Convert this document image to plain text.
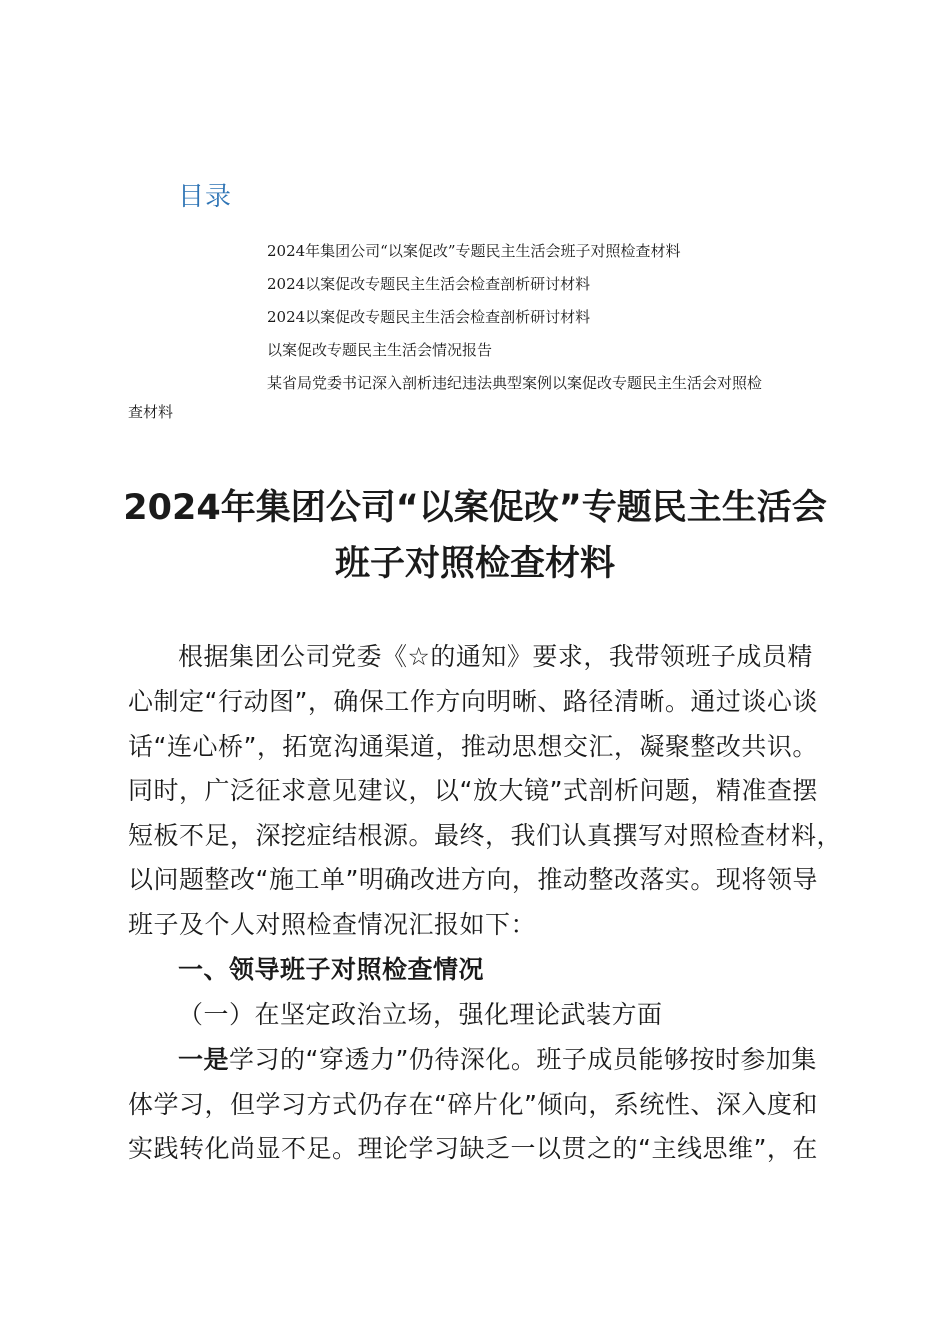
目录
2024年集团公司“以案促改”专题民主生活会班子对照检查材料
2024以案促改专题民主生活会检查剖析研讨材料
2024以案促改专题民主生活会检查剖析研讨材料
以案促改专题民主生活会情况报告
某省局党委书记深入剖析违纪违法典型案例以案促改专题民主生活会对照检
查材料
2024年集团公司“以案促改”专题民主生活会
班子对照检查材料
根据集团公司党委《☆的通知》要求，我带领班子成员精
心制定“行动图”，确保工作方向明晰、路径清晰。通过谈心谈
话“连心桥”，拓宽沟通渠道，推动思想交汇，凝聚整改共识。
同时，广泛征求意见建议，以“放大镜”式剖析问题，精准查摆
短板不足，深挖症结根源。最终，我们认真撰写对照检查材料，
以问题整改“施工单”明确改进方向，推动整改落实。现将领导
班子及个人对照检查情况汇报如下：
一、领导班子对照检查情况
（一）在坚定政治立场，强化理论武装方面
一是学习的“穿透力”仍待深化。班子成员能够按时参加集
体学习，但学习方式仍存在“碎片化”倾向，系统性、深入度和
实践转化尚显不足。理论学习缺乏一以贯之的“主线思维”，在
